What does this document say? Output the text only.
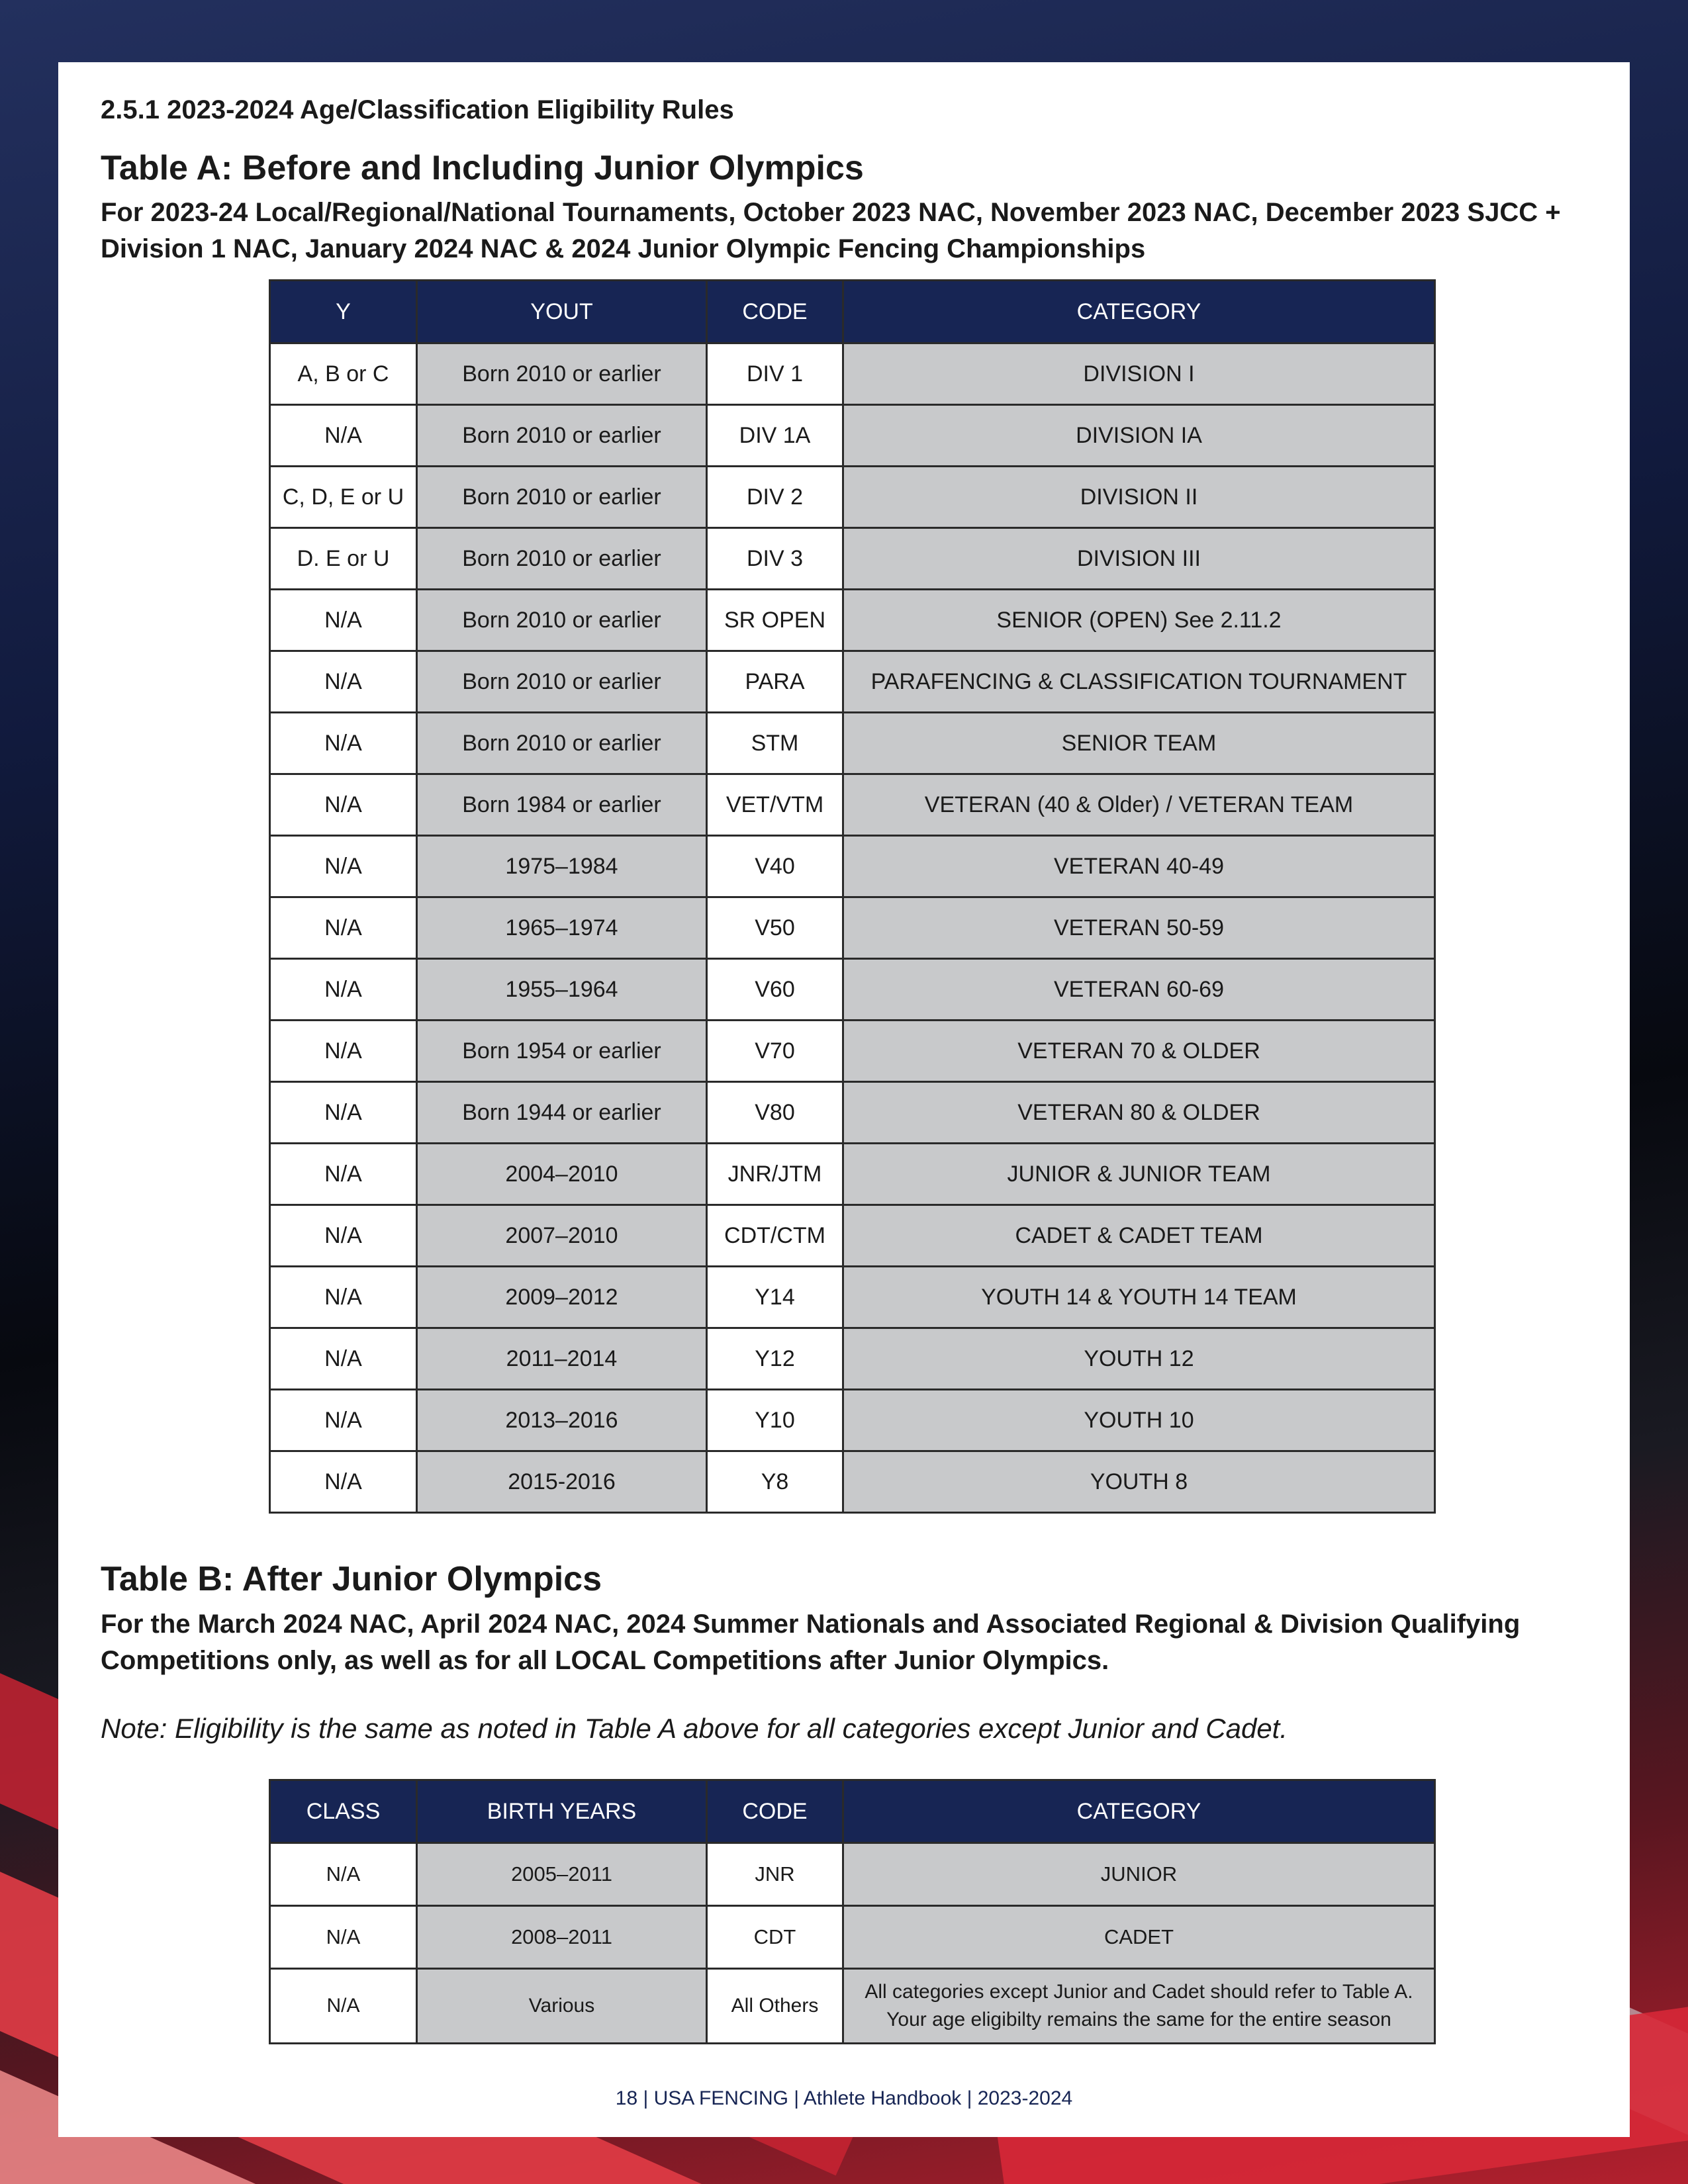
2.5.1 2023-2024 Age/Classification Eligibility Rules
Table A: Before and Including Junior Olympics
For 2023-24 Local/Regional/National Tournaments, October 2023 NAC, November 2023 NAC, December 2023 SJCC + Division 1 NAC, January 2024 NAC & 2024 Junior Olympic Fencing Championships
Y	YOUT	CODE	CATEGORY
A, B or C	Born 2010 or earlier	DIV 1	DIVISION I
N/A	Born 2010 or earlier	DIV 1A	DIVISION IA
C, D, E or U	Born 2010 or earlier	DIV 2	DIVISION II
D. E or U	Born 2010 or earlier	DIV 3	DIVISION III
N/A	Born 2010 or earlier	SR OPEN	SENIOR (OPEN) See 2.11.2
N/A	Born 2010 or earlier	PARA	PARAFENCING & CLASSIFICATION TOURNAMENT
N/A	Born 2010 or earlier	STM	SENIOR TEAM
N/A	Born 1984 or earlier	VET/VTM	VETERAN (40 & Older) / VETERAN TEAM
N/A	1975–1984	V40	VETERAN 40-49
N/A	1965–1974	V50	VETERAN 50-59
N/A	1955–1964	V60	VETERAN 60-69
N/A	Born 1954 or earlier	V70	VETERAN 70 & OLDER
N/A	Born 1944 or earlier	V80	VETERAN 80 & OLDER
N/A	2004–2010	JNR/JTM	JUNIOR & JUNIOR TEAM
N/A	2007–2010	CDT/CTM	CADET & CADET TEAM
N/A	2009–2012	Y14	YOUTH 14 & YOUTH 14 TEAM
N/A	2011–2014	Y12	YOUTH 12
N/A	2013–2016	Y10	YOUTH 10
N/A	2015-2016	Y8	YOUTH 8
Table B: After Junior Olympics
For the March 2024 NAC, April 2024 NAC, 2024 Summer Nationals and Associated Regional & Division Qualifying Competitions only, as well as for all LOCAL Competitions after Junior Olympics.
Note: Eligibility is the same as noted in Table A above for all categories except Junior and Cadet.
CLASS	BIRTH YEARS	CODE	CATEGORY
N/A	2005–2011	JNR	JUNIOR
N/A	2008–2011	CDT	CADET
N/A	Various	All Others	All categories except Junior and Cadet should refer to Table A.
Your age eligibilty remains the same for the entire season
18 | USA FENCING | Athlete Handbook | 2023-2024
